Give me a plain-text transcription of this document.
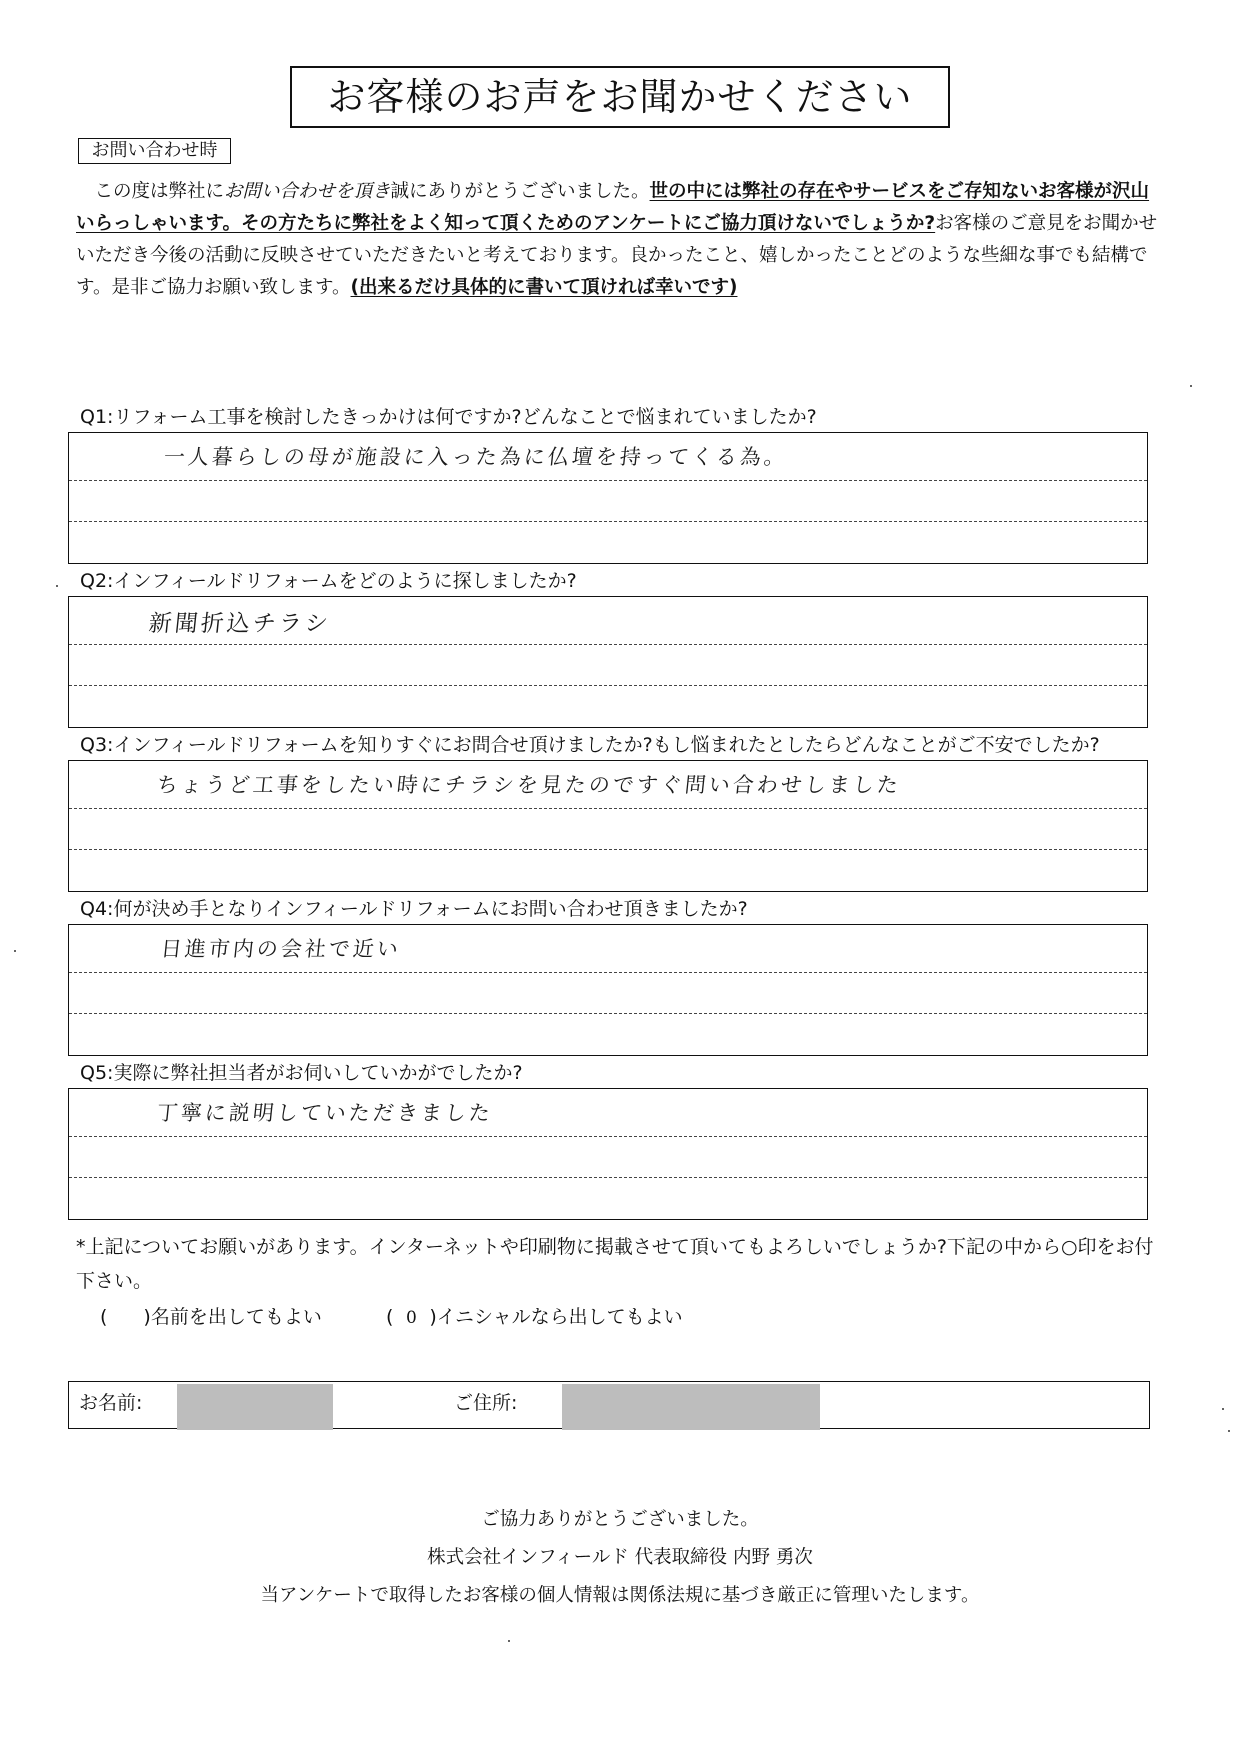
お客様のお声をお聞かせください
お問い合わせ時
この度は弊社にお問い合わせを頂き誠にありがとうございました。世の中には弊社の存在やサービスをご存知ないお客様が沢山いらっしゃいます。その方たちに弊社をよく知って頂くためのアンケートにご協力頂けないでしょうか?お客様のご意見をお聞かせいただき今後の活動に反映させていただきたいと考えております。良かったこと、嬉しかったことどのような些細な事でも結構です。是非ご協力お願い致します。(出来るだけ具体的に書いて頂ければ幸いです)
Q1:リフォーム工事を検討したきっかけは何ですか?どんなことで悩まれていましたか?
一人暮らしの母が施設に入った為に仏壇を持ってくる為。
Q2:インフィールドリフォームをどのように探しましたか?
新聞折込チラシ
Q3:インフィールドリフォームを知りすぐにお問合せ頂けましたか?もし悩まれたとしたらどんなことがご不安でしたか?
ちょうど工事をしたい時にチラシを見たのですぐ問い合わせしました
Q4:何が決め手となりインフィールドリフォームにお問い合わせ頂きましたか?
日進市内の会社で近い
Q5:実際に弊社担当者がお伺いしていかがでしたか?
丁寧に説明していただきました
*上記についてお願いがあります。インターネットや印刷物に掲載させて頂いてもよろしいでしょうか?下記の中から○印をお付下さい。
( )名前を出してもよい	( 0 )イニシャルなら出してもよい
お名前:	ご住所:
ご協力ありがとうございました。
株式会社インフィールド 代表取締役 内野 勇次
当アンケートで取得したお客様の個人情報は関係法規に基づき厳正に管理いたします。
